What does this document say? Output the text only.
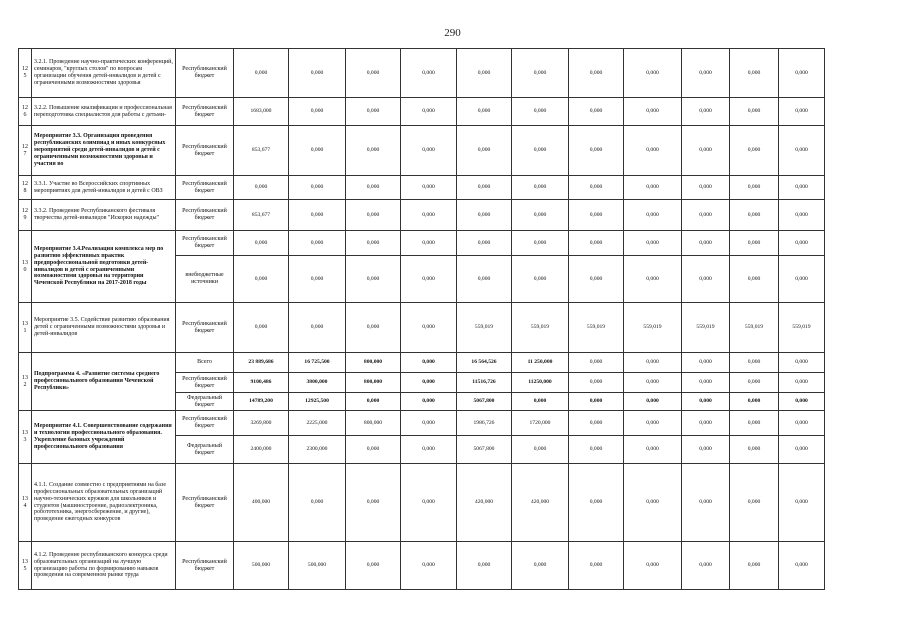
290
125	3.2.1. Проведение научно-практических конференций, семинаров, "круглых столов" по вопросам организации обучения детей-инвалидов и детей с ограниченными возможностями здоровья	Республиканский бюджет	0,000	0,000	0,000	0,000	0,000	0,000	0,000	0,000	0,000	0,000	0,000
126	3.2.2. Повышение квалификации и профессиональная переподготовка специалистов для работы с детьми-	Республиканский бюджет	1683,000	0,000	0,000	0,000	0,000	0,000	0,000	0,000	0,000	0,000	0,000
127	Мероприятие 3.3. Организация проведения республиканских олимпиад и иных конкурсных мероприятий среди детей-инвалидов и детей с ограниченными возможностями здоровья и участия во	Республиканский бюджет	853,677	0,000	0,000	0,000	0,000	0,000	0,000	0,000	0,000	0,000	0,000
128	3.3.1. Участие во Всероссийских спортивных мероприятиях для детей-инвалидов и детей с ОВЗ	Республиканский бюджет	0,000	0,000	0,000	0,000	0,000	0,000	0,000	0,000	0,000	0,000	0,000
129	3.3.2. Проведение Республиканского фестиваля творчества детей-инвалидов "Искорки надежды"	Республиканский бюджет	853,677	0,000	0,000	0,000	0,000	0,000	0,000	0,000	0,000	0,000	0,000
130	Мероприятие 3.4.Реализация комплекса мер по развитию эффективных практик предпрофессиональной подготовки детей-инвалидов и детей с ограниченными возможностями здоровья на территории Чеченской Республики на 2017-2018 годы	Республиканский бюджет	0,000	0,000	0,000	0,000	0,000	0,000	0,000	0,000	0,000	0,000	0,000
		внебюджетные источники	0,000	0,000	0,000	0,000	0,000	0,000	0,000	0,000	0,000	0,000	0,000
131	Мероприятие 3.5. Содействие развитию образования детей с ограниченными возможностями здоровья и детей-инвалидов	Республиканский бюджет	0,000	0,000	0,000	0,000	559,019	559,019	559,019	559,019	559,019	559,019	559,019
132	Подпрограмма 4. «Развитие системы среднего профессионального образования Чеченской Республики»	Всего	23 889,686	16 725,500	800,000	0,000	16 564,526	11 250,000	0,000	0,000	0,000	0,000	0,000
		Республиканский бюджет	9100,486	3800,000	800,000	0,000	11516,726	11250,000	0,000	0,000	0,000	0,000	0,000
		Федеральный бюджет	14789,200	12925,500	0,000	0,000	5067,800	0,000	0,000	0,000	0,000	0,000	0,000
133	Мероприятие 4.1. Совершенствование содержания и технологии профессионального образования. Укрепление базовых учреждений профессионального образования	Республиканский бюджет	3269,800	2225,000	800,000	0,000	1986,726	1720,000	0,000	0,000	0,000	0,000	0,000
		Федеральный бюджет	2400,000	2300,000	0,000	0,000	5067,800	0,000	0,000	0,000	0,000	0,000	0,000
134	4.1.1. Создание совместно с предприятиями на базе профессиональных образовательных организаций научно-технических кружков для школьников и студентов (машиностроение, радиоэлектроника, робототехника, энергосбережение, и другие), проведение ежегодных конкурсов	Республиканский бюджет	400,000	0,000	0,000	0,000	420,000	420,000	0,000	0,000	0,000	0,000	0,000
135	4.1.2. Проведение республиканского конкурса среди образовательных организаций на лучшую организацию работы по формированию навыков проведения на современном рынке труда	Республиканский бюджет	500,000	500,000	0,000	0,000	0,000	0,000	0,000	0,000	0,000	0,000	0,000
